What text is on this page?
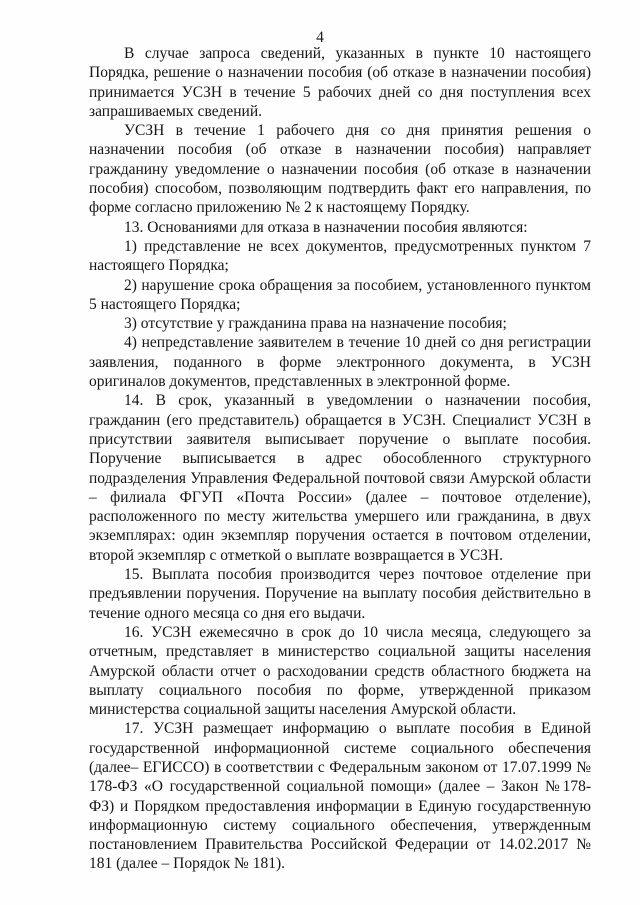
4

В случае запроса сведений, указанных в пункте 10 настоящего Порядка, решение о назначении пособия (об отказе в назначении пособия) принимается УСЗН в течение 5 рабочих дней со дня поступления всех запрашиваемых сведений.

УСЗН в течение 1 рабочего дня со дня принятия решения о назначении пособия (об отказе в назначении пособия) направляет гражданину уведомление о назначении пособия (об отказе в назначении пособия) способом, позволяющим подтвердить факт его направления, по форме согласно приложению № 2 к настоящему Порядку.

13. Основаниями для отказа в назначении пособия являются:

1) представление не всех документов, предусмотренных пунктом 7 настоящего Порядка;

2) нарушение срока обращения за пособием, установленного пунктом 5 настоящего Порядка;

3) отсутствие у гражданина права на назначение пособия;

4) непредставление заявителем в течение 10 дней со дня регистрации заявления, поданного в форме электронного документа, в УСЗН оригиналов документов, представленных в электронной форме.

14. В срок, указанный в уведомлении о назначении пособия, гражданин (его представитель) обращается в УСЗН. Специалист УСЗН в присутствии заявителя выписывает поручение о выплате пособия. Поручение выписывается в адрес обособленного структурного подразделения Управления Федеральной почтовой связи Амурской области – филиала ФГУП «Почта России» (далее – почтовое отделение), расположенного по месту жительства умершего или гражданина, в двух экземплярах: один экземпляр поручения остается в почтовом отделении, второй экземпляр с отметкой о выплате возвращается в УСЗН.

15. Выплата пособия производится через почтовое отделение при предъявлении поручения. Поручение на выплату пособия действительно в течение одного месяца со дня его выдачи.

16. УСЗН ежемесячно в срок до 10 числа месяца, следующего за отчетным, представляет в министерство социальной защиты населения Амурской области отчет о расходовании средств областного бюджета на выплату социального пособия по форме, утвержденной приказом министерства социальной защиты населения Амурской области.

17. УСЗН размещает информацию о выплате пособия в Единой государственной информационной системе социального обеспечения (далее– ЕГИССО) в соответствии с Федеральным законом от 17.07.1999 № 178-ФЗ «О государственной социальной помощи» (далее – Закон №178-ФЗ) и Порядком предоставления информации в Единую государственную информационную систему социального обеспечения, утвержденным постановлением Правительства Российской Федерации от 14.02.2017 № 181 (далее – Порядок № 181).
